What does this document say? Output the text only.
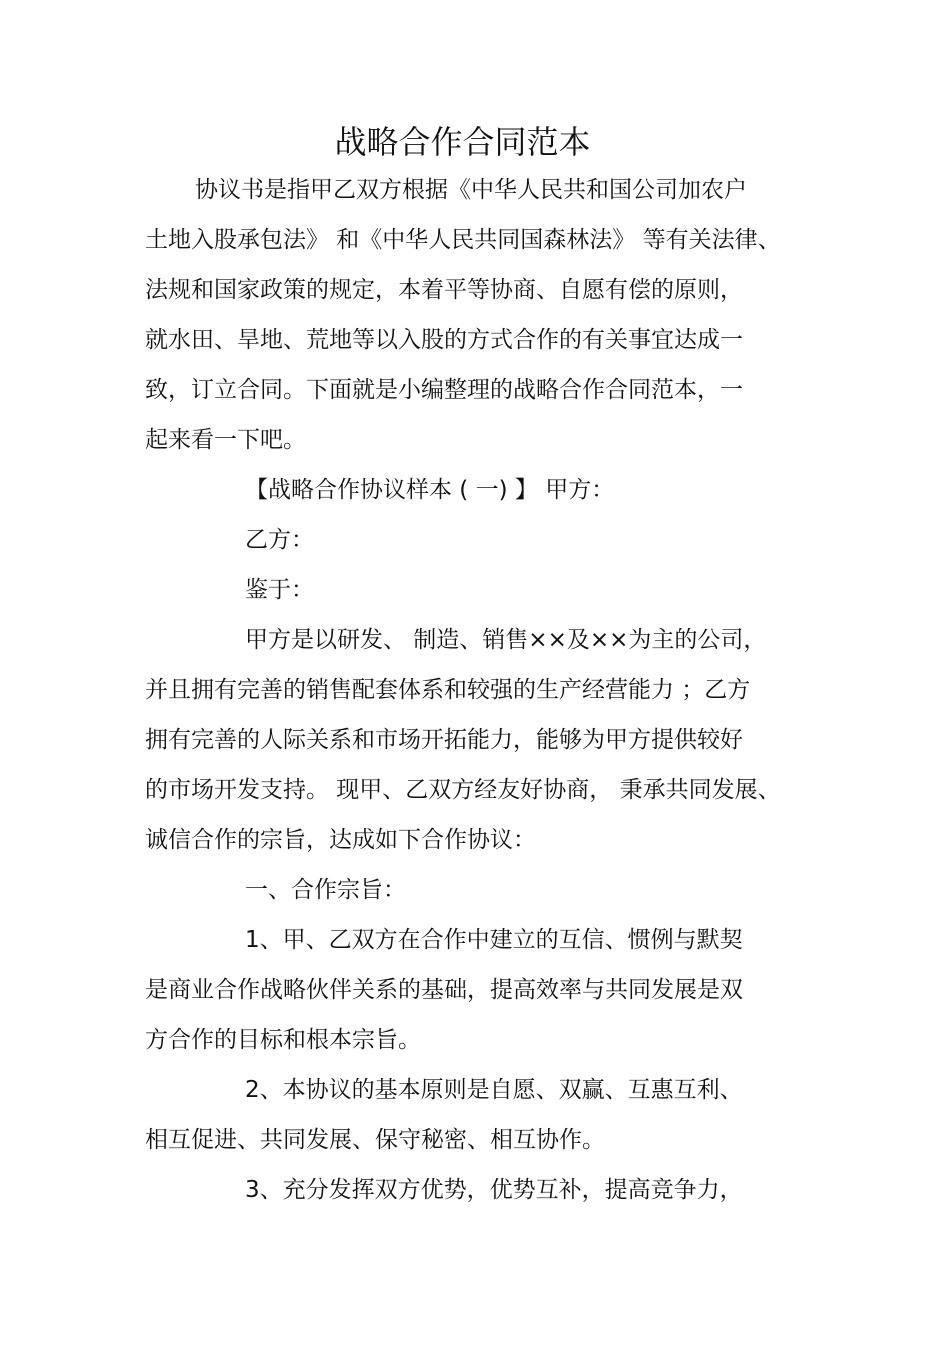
战略合作合同范本
协议书是指甲乙双方根据《中华人民共和国公司加农户
土地入股承包法》 和《中华人民共同国森林法》 等有关法律、
法规和国家政策的规定，本着平等协商、自愿有偿的原则，
就水田、旱地、荒地等以入股的方式合作的有关事宜达成一
致，订立合同。下面就是小编整理的战略合作合同范本，一
起来看一下吧。
【战略合作协议样本 ( 一) 】 甲方：
乙方：
鉴于：
甲方是以研发、 制造、销售××及××为主的公司，
并且拥有完善的销售配套体系和较强的生产经营能力 ；乙方
拥有完善的人际关系和市场开拓能力，能够为甲方提供较好
的市场开发支持。 现甲、乙双方经友好协商， 秉承共同发展、
诚信合作的宗旨，达成如下合作协议：
一、合作宗旨：
1、甲、乙双方在合作中建立的互信、惯例与默契
是商业合作战略伙伴关系的基础，提高效率与共同发展是双
方合作的目标和根本宗旨。
2、本协议的基本原则是自愿、双赢、互惠互利、
相互促进、共同发展、保守秘密、相互协作。
3、充分发挥双方优势，优势互补，提高竞争力，
